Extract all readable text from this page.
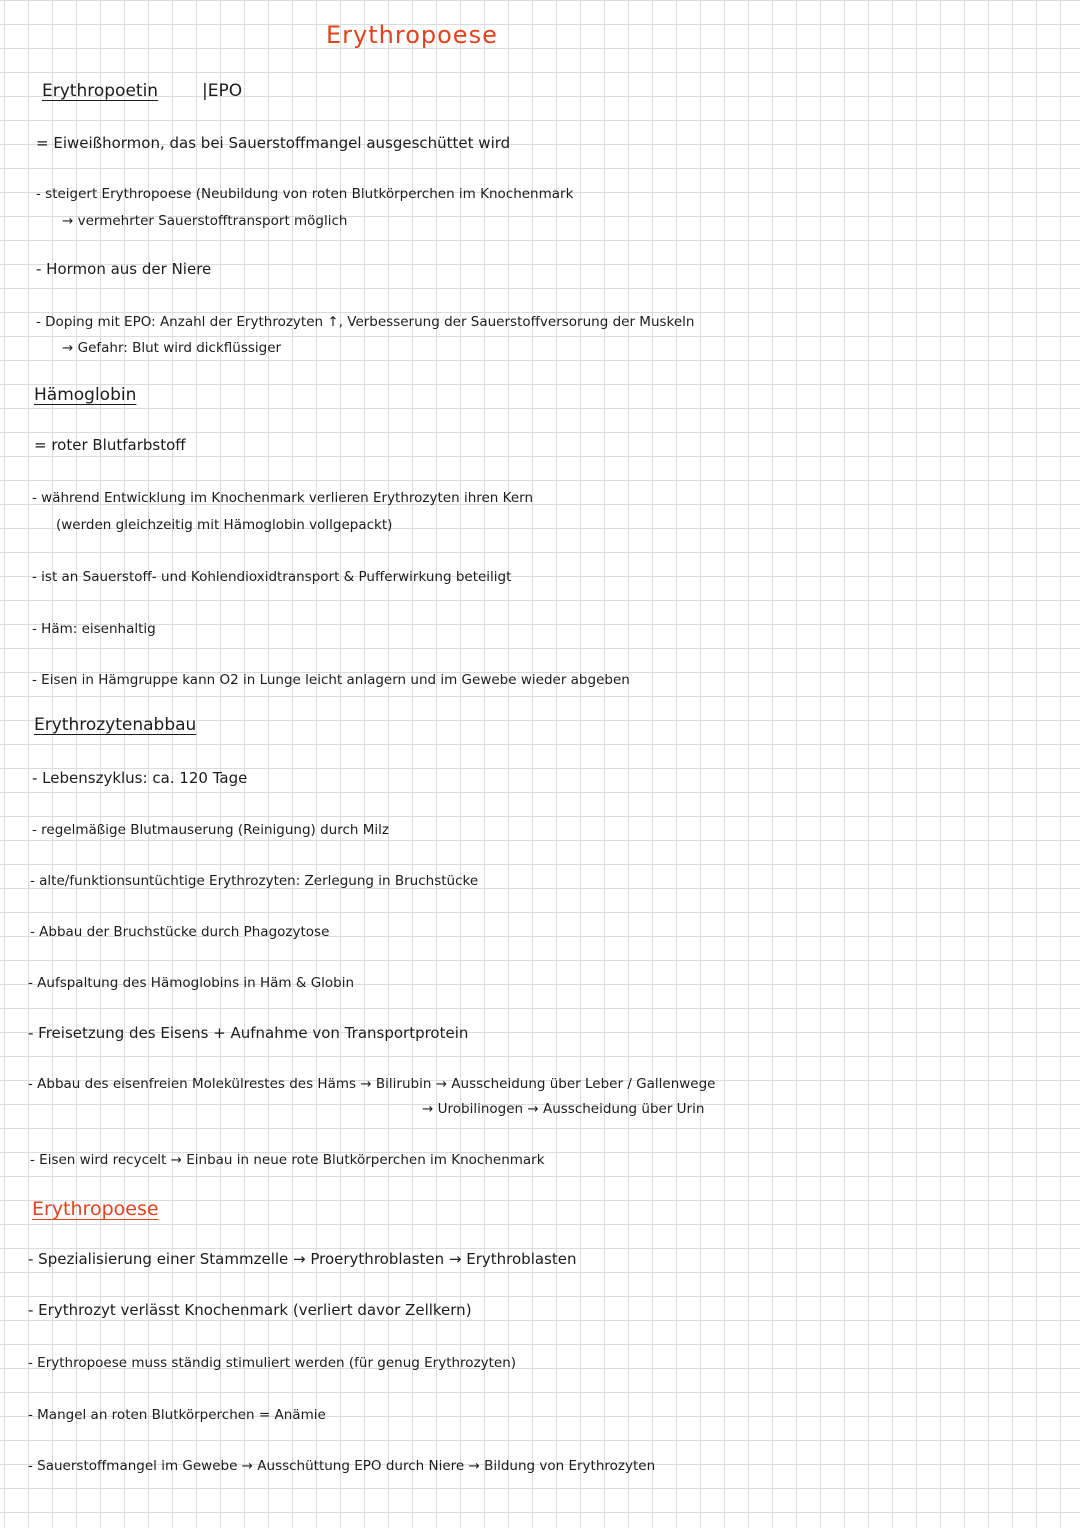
Erythropoese
Erythropoetin	|EPO
= Eiweißhormon, das bei Sauerstoffmangel ausgeschüttet wird
- steigert Erythropoese (Neubildung von roten Blutkörperchen im Knochenmark
→ vermehrter Sauerstofftransport möglich
- Hormon aus der Niere
- Doping mit EPO: Anzahl der Erythrozyten ↑, Verbesserung der Sauerstoffversorung der Muskeln
→ Gefahr: Blut wird dickflüssiger
Hämoglobin
= roter Blutfarbstoff
- während Entwicklung im Knochenmark verlieren Erythrozyten ihren Kern
(werden gleichzeitig mit Hämoglobin vollgepackt)
- ist an Sauerstoff- und Kohlendioxidtransport & Pufferwirkung beteiligt
- Häm: eisenhaltig
- Eisen in Hämgruppe kann O2 in Lunge leicht anlagern und im Gewebe wieder abgeben
Erythrozytenabbau
- Lebenszyklus: ca. 120 Tage
- regelmäßige Blutmauserung (Reinigung) durch Milz
- alte/funktionsuntüchtige Erythrozyten: Zerlegung in Bruchstücke
- Abbau der Bruchstücke durch Phagozytose
- Aufspaltung des Hämoglobins in Häm & Globin
- Freisetzung des Eisens + Aufnahme von Transportprotein
- Abbau des eisenfreien Molekülrestes des Häms → Bilirubin → Ausscheidung über Leber / Gallenwege
→ Urobilinogen → Ausscheidung über Urin
- Eisen wird recycelt → Einbau in neue rote Blutkörperchen im Knochenmark
Erythropoese
- Spezialisierung einer Stammzelle → Proerythroblasten → Erythroblasten
- Erythrozyt verlässt Knochenmark (verliert davor Zellkern)
- Erythropoese muss ständig stimuliert werden (für genug Erythrozyten)
- Mangel an roten Blutkörperchen = Anämie
- Sauerstoffmangel im Gewebe → Ausschüttung EPO durch Niere → Bildung von Erythrozyten
